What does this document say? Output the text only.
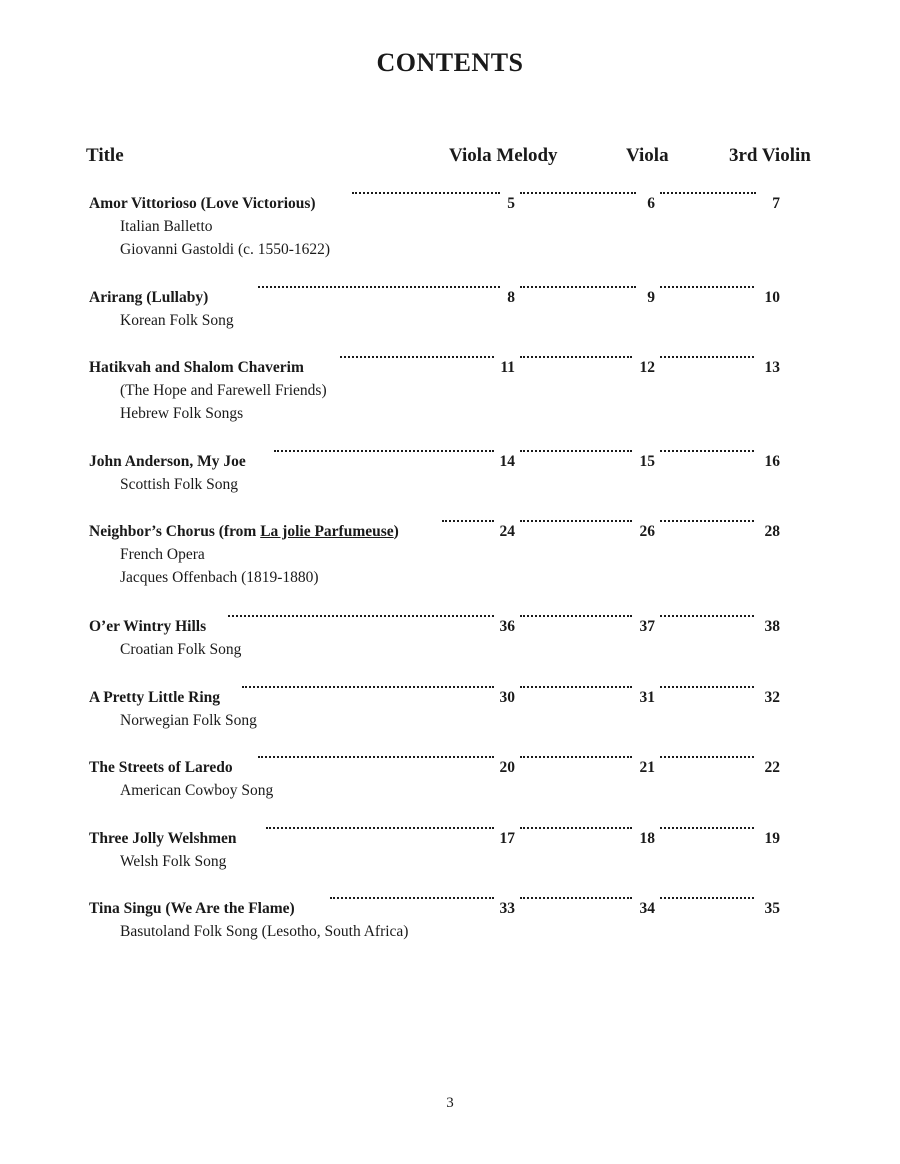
CONTENTS
Title	Viola Melody	Viola	3rd Violin
Amor Vittorioso (Love Victorious)	5	6	7
Italian Balletto
Giovanni Gastoldi (c. 1550-1622)
Arirang (Lullaby)	8	9	10
Korean Folk Song
Hatikvah and Shalom Chaverim	11	12	13
(The Hope and Farewell Friends)
Hebrew Folk Songs
John Anderson, My Joe	14	15	16
Scottish Folk Song
Neighbor’s Chorus (from La jolie Parfumeuse)	24	26	28
French Opera
Jacques Offenbach (1819-1880)
O’er Wintry Hills	36	37	38
Croatian Folk Song
A Pretty Little Ring	30	31	32
Norwegian Folk Song
The Streets of Laredo	20	21	22
American Cowboy Song
Three Jolly Welshmen	17	18	19
Welsh Folk Song
Tina Singu (We Are the Flame)	33	34	35
Basutoland Folk Song (Lesotho, South Africa)
3
